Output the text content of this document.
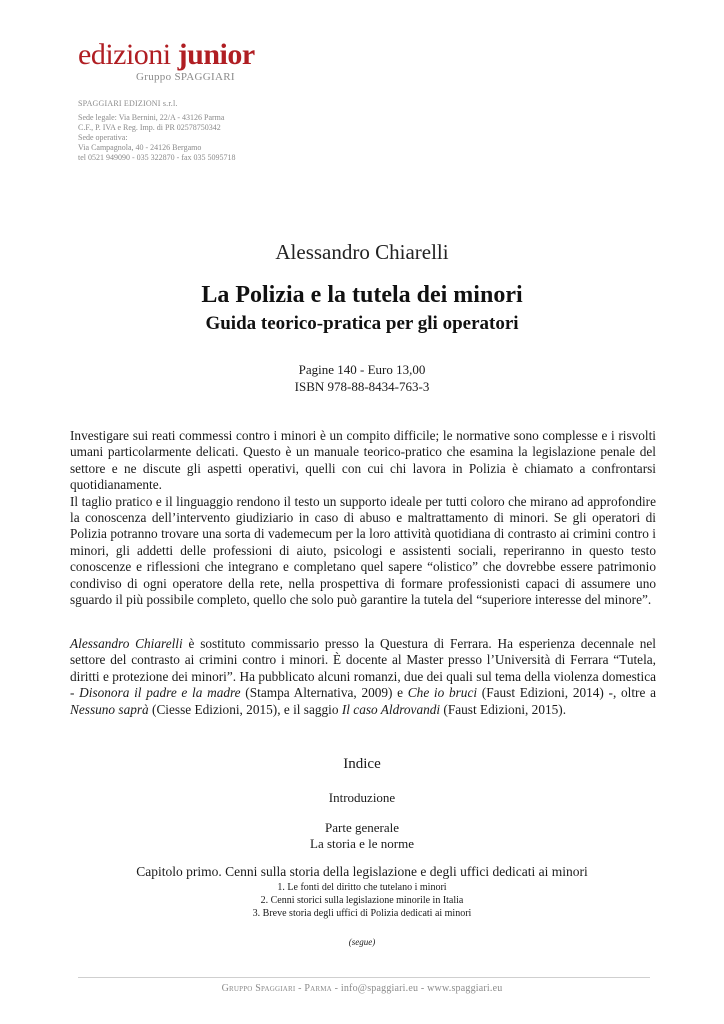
edizioni junior
Gruppo SPAGGIARI
SPAGGIARI EDIZIONI s.r.l.
Sede legale: Via Bernini, 22/A - 43126 Parma
C.F., P. IVA e Reg. Imp. di PR 02578750342
Sede operativa:
Via Campagnola, 40 - 24126 Bergamo
tel 0521 949090 - 035 322870 - fax 035 5095718
Alessandro Chiarelli
La Polizia e la tutela dei minori
Guida teorico-pratica per gli operatori
Pagine 140 - Euro 13,00
ISBN 978-88-8434-763-3

Investigare sui reati commessi contro i minori è un compito difficile; le normative sono complesse e i risvolti umani particolarmente delicati. Questo è un manuale teorico-pratico che esamina la legislazione penale del settore e ne discute gli aspetti operativi, quelli con cui chi lavora in Polizia è chiamato a confrontarsi quotidianamente.

Il taglio pratico e il linguaggio rendono il testo un supporto ideale per tutti coloro che mirano ad approfondire la conoscenza dell’intervento giudiziario in caso di abuso e maltrattamento di minori. Se gli operatori di Polizia potranno trovare una sorta di vademecum per la loro attività quotidiana di contrasto ai crimini contro i minori, gli addetti delle professioni di aiuto, psicologi e assistenti sociali, reperiranno in questo testo conoscenze e riflessioni che integrano e completano quel sapere “olistico” che dovrebbe essere patrimonio condiviso di ogni operatore della rete, nella prospettiva di formare professionisti capaci di assumere uno sguardo il più possibile completo, quello che solo può garantire la tutela del “superiore interesse del minore”.

Alessandro Chiarelli è sostituto commissario presso la Questura di Ferrara. Ha esperienza decennale nel settore del contrasto ai crimini contro i minori. È docente al Master presso l’Università di Ferrara “Tutela, diritti e protezione dei minori”. Ha pubblicato alcuni romanzi, due dei quali sul tema della violenza domestica - Disonora il padre e la madre (Stampa Alternativa, 2009) e Che io bruci (Faust Edizioni, 2014) -, oltre a Nessuno saprà (Ciesse Edizioni, 2015), e il saggio Il caso Aldrovandi (Faust Edizioni, 2015).

Indice
Introduzione
Parte generale
La storia e le norme
Capitolo primo. Cenni sulla storia della legislazione e degli uffici dedicati ai minori
1. Le fonti del diritto che tutelano i minori
2. Cenni storici sulla legislazione minorile in Italia
3. Breve storia degli uffici di Polizia dedicati ai minori
(segue)
Gruppo Spaggiari - Parma - info@spaggiari.eu - www.spaggiari.eu
